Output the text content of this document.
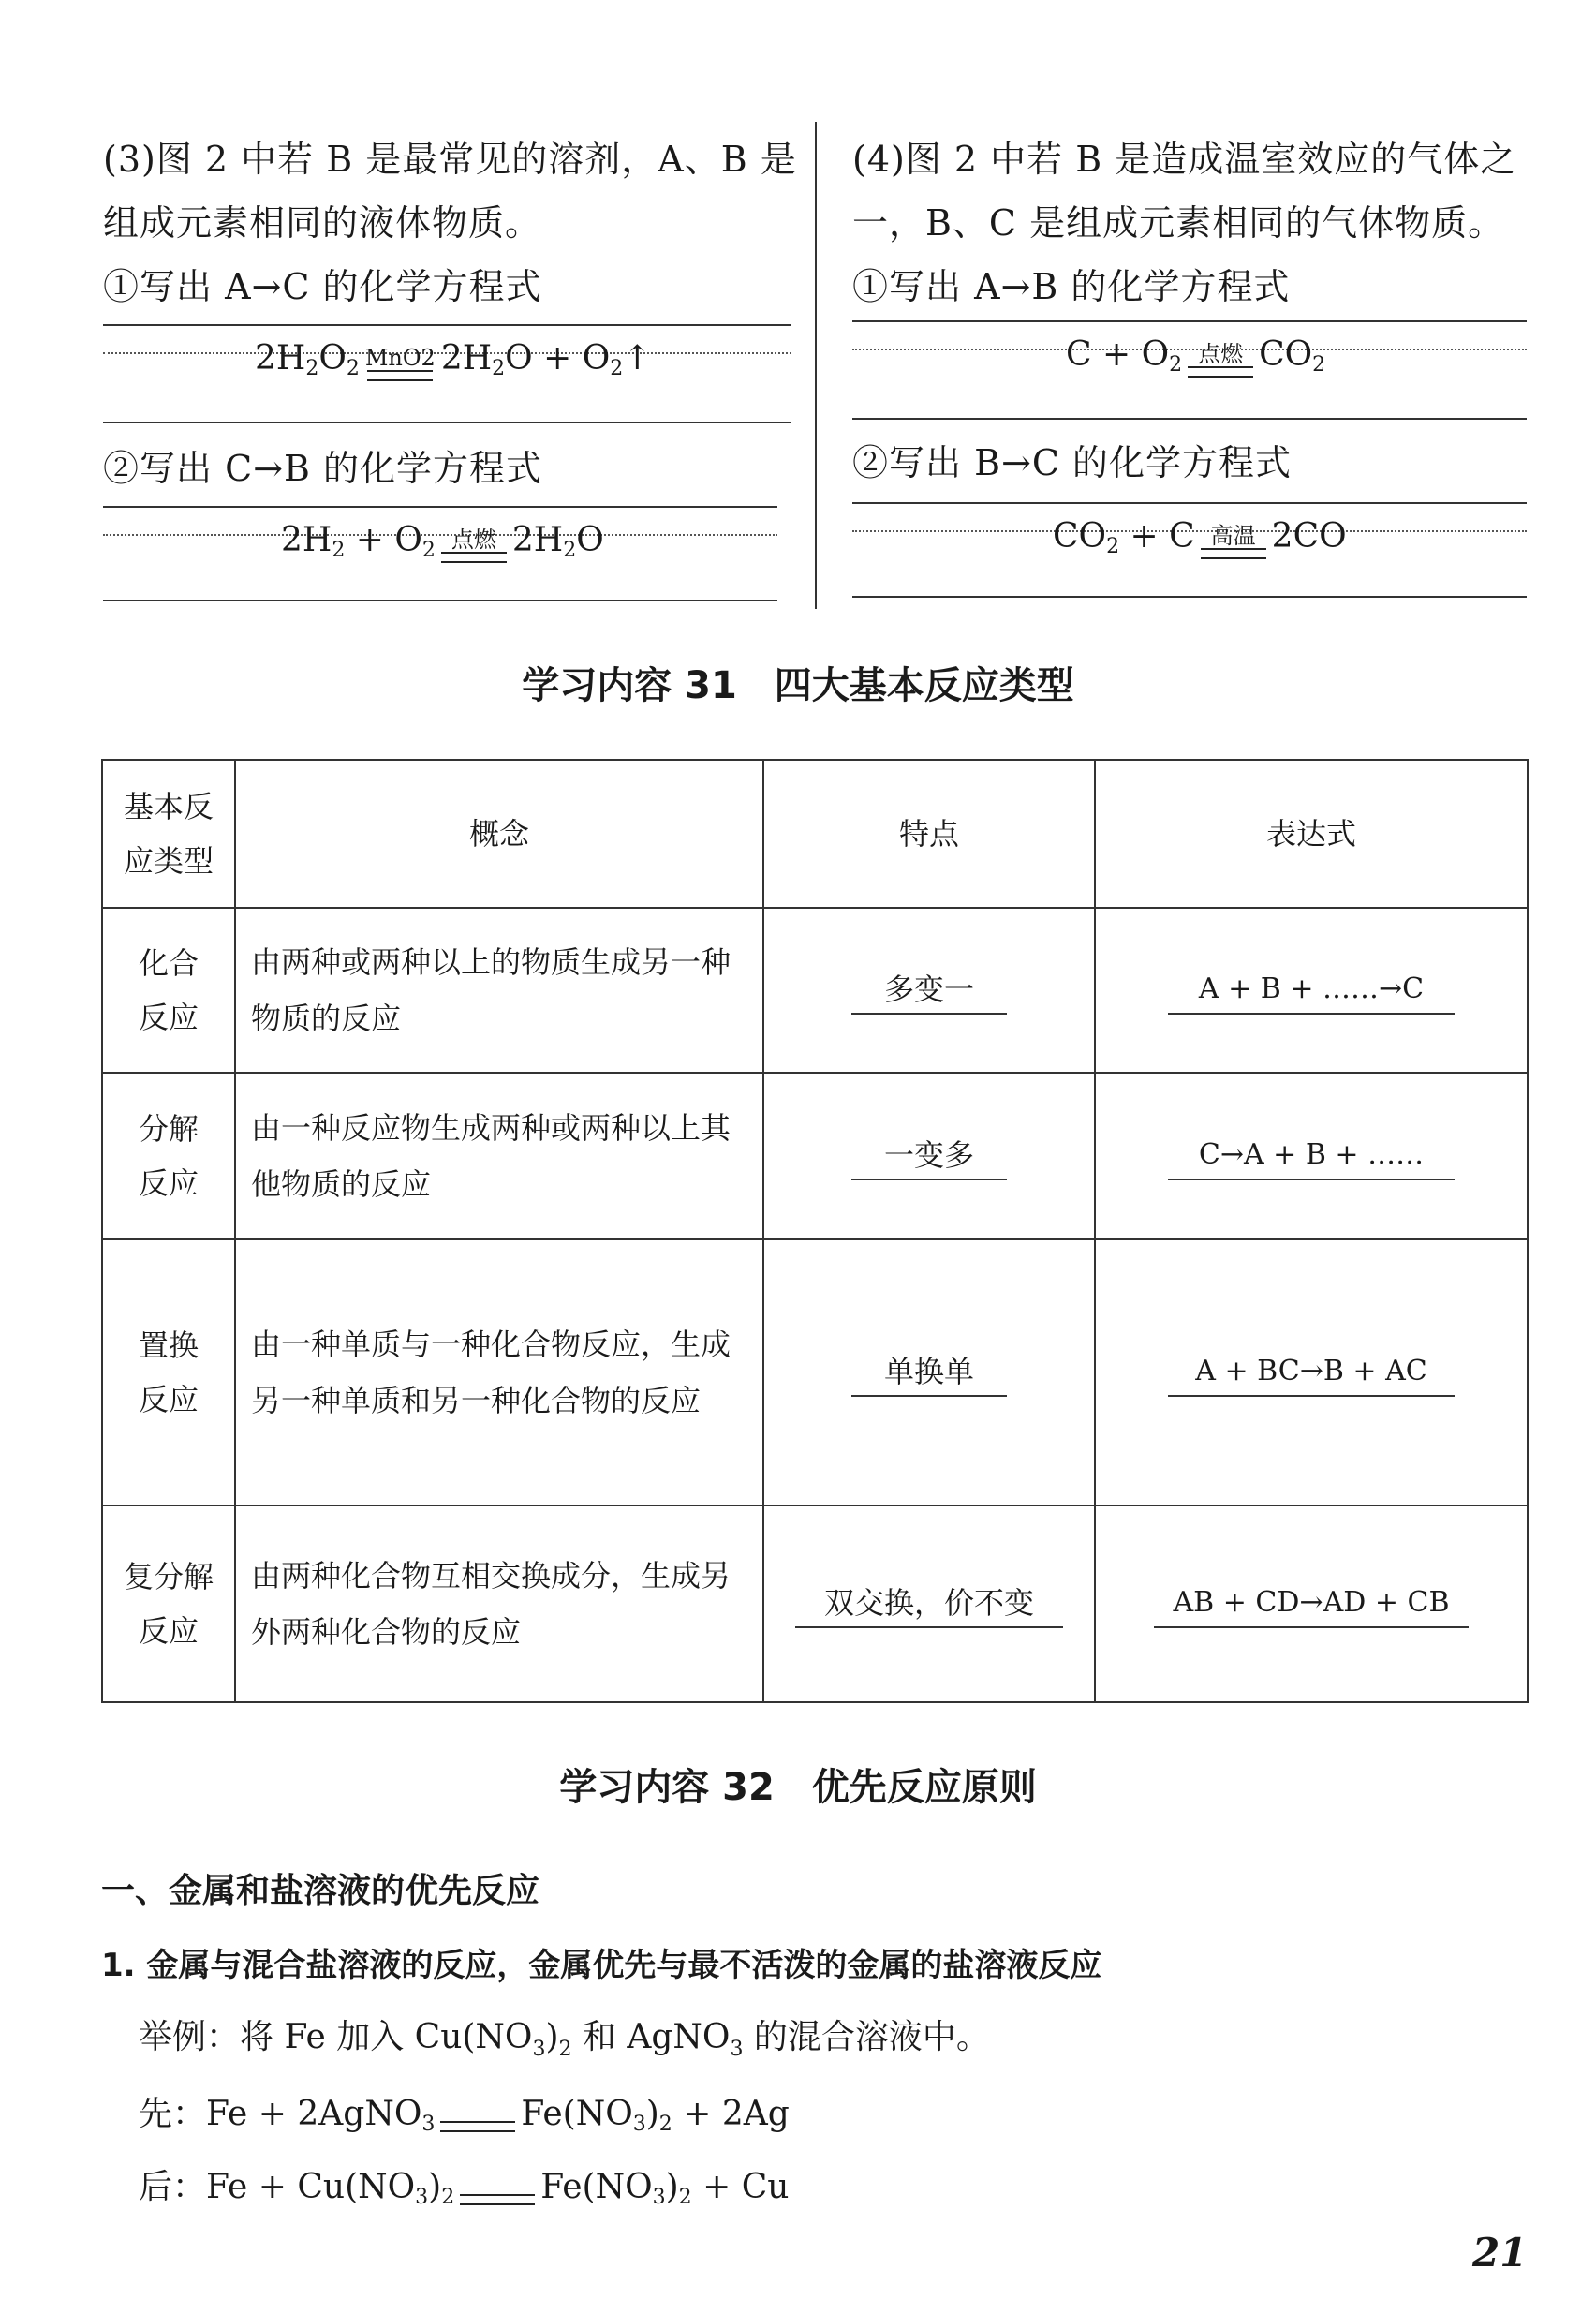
(3)图 2 中若 B 是最常见的溶剂，A、B 是
组成元素相同的液体物质。
①写出 A→C 的化学方程式
$2H_2O_2$ MnO2 $2H_2O$ + $O_2↑$
②写出 C→B 的化学方程式
$2H_2 + O_2$ 点燃 $2H_2O$
(4)图 2 中若 B 是造成温室效应的气体之
一，B、C 是组成元素相同的气体物质。
①写出 A→B 的化学方程式
$C + O_2$ 点燃 $CO_2$
②写出 B→C 的化学方程式
$CO_2 + C$ 高温 2CO
学习内容 31　四大基本反应类型
基本反应类型	概念	特点	表达式

化合反应	由两种或两种以上的物质生成另一种物质的反应	多变一	A + B + ……→C

分解反应	由一种反应物生成两种或两种以上其他物质的反应	一变多	C→A + B + ……

置换反应	由一种单质与一种化合物反应，生成另一种单质和另一种化合物的反应	单换单	A + BC→B + AC

复分解反应	由两种化合物互相交换成分，生成另外两种化合物的反应	双交换，价不变	AB + CD→AD + CB
学习内容 32　优先反应原则
一、金属和盐溶液的优先反应
1. 金属与混合盐溶液的反应，金属优先与最不活泼的金属的盐溶液反应
举例：将 Fe 加入 $Cu(NO_3)_2$ 和 AgNO$_3$ 的混合溶液中。
先： Fe + 2AgNO$_3$	$Fe(NO_3)_2 + 2Ag$
后： $Fe + Cu(NO_3)_2$	$Fe(NO_3)_2 + Cu$
21
